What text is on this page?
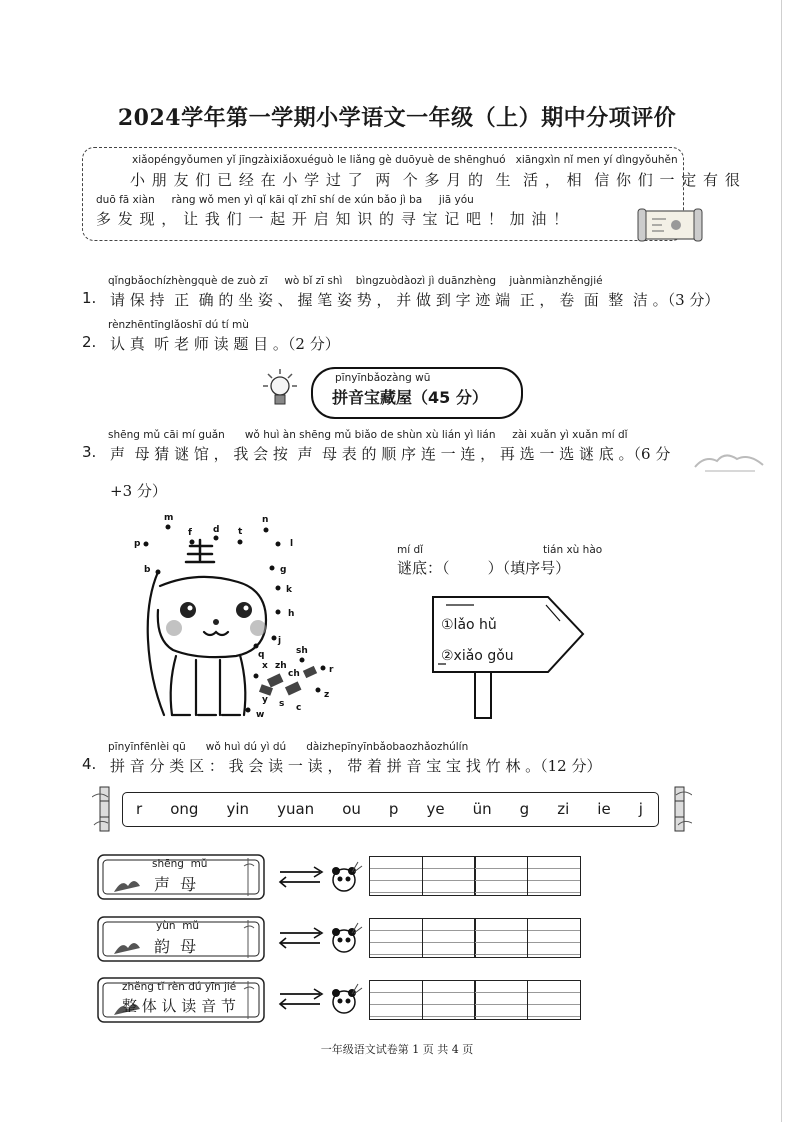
2024学年第一学期小学语文一年级（上）期中分项评价
xiǎopéngyǒumen yǐ jīngzàixiǎoxuéguò le liǎng gè duōyuè de shēnghuó   xiāngxìn nǐ men yí dìngyǒuhěn
小 朋 友 们 已 经 在 小 学 过 了  两  个 多 月 的  生  活 ， 相  信 你 们 一 定 有 很
duō fā xiàn     ràng wǒ men yì qǐ kāi qǐ zhī shí de xún bǎo jì ba     jiā yóu
多 发 现 ， 让 我 们 一 起 开 启 知 识 的 寻 宝 记 吧 ！ 加 油 ！
qǐngbǎochízhèngquè de zuò zī     wò bǐ zī shì    bìngzuòdàozì jì duānzhèng    juànmiànzhěngjié
1. 请 保 持  正  确 的 坐 姿 、 握 笔 姿 势 ， 并 做 到 字 迹 端  正 ， 卷  面  整  洁 。（3 分）
rènzhēntīnglǎoshī dú tí mù
2. 认 真  听 老 师 读 题 目 。（2 分）
pīnyīnbǎozàng wū
拼音宝藏屋（45 分）
shēng mǔ cāi mí guǎn      wǒ huì àn shēng mǔ biǎo de shùn xù lián yì lián     zài xuǎn yì xuǎn mí dǐ
3. 声  母 猜 谜 馆 ， 我 会 按  声  母 表 的 顺 序 连 一 连 ， 再 选 一 选 谜 底 。（6 分
+3 分）
m
f d t
n
p	l
b	g
k
h
j
q	sh
x zh	r
ch
z
y s c
w
mí dǐ	tián xù hào
谜底：（        ）（填序号）
①lǎo hǔ
②xiǎo gǒu
pīnyīnfēnlèi qū      wǒ huì dú yì dú      dàizhepīnyīnbǎobaozhǎozhúlín
4. 拼 音 分 类 区 ： 我 会 读 一 读 ， 带 着 拼 音 宝 宝 找 竹 林 。（12 分）
r ong yin yuan ou p ye ün g zi ie j
shēng  mǔ
声  母
yùn  mǔ
韵  母
zhěng tǐ rèn dú yīn jié
整 体 认 读 音 节
一年级语文试卷第 1 页 共 4 页
